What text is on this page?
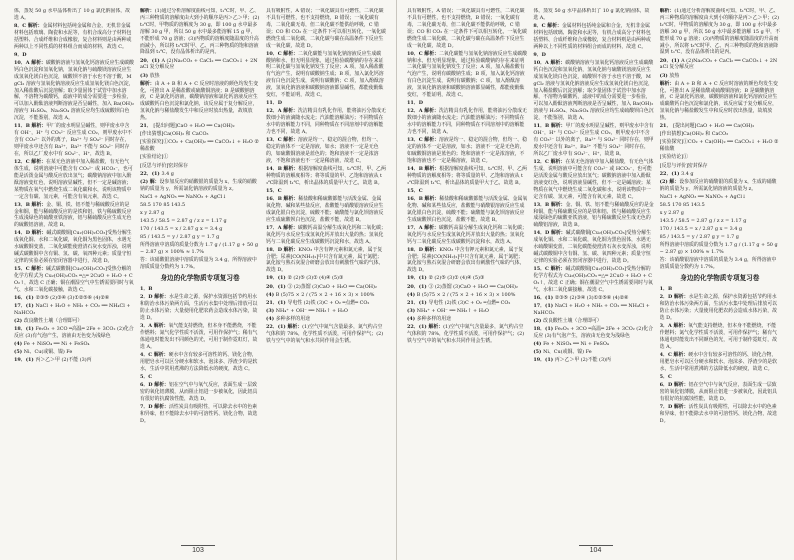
体，蒸发 50 g 水中晶体析出了 10 g 氯化钠固体，故选 A。

8．C 解析：金属材料包括纯金属和合金，无机非金属材料包括玻璃、陶瓷和水泥等，有机合成高分子材料包括塑料、合成纤维和合成橡胶，复合材料则是由两种或两种以上不同性质的材料组合而成的材料，故选 C。

9．D

10．A 解析：碳酸钠溶液与氢氧化钙溶液反应生成碳酸钙白色沉淀和氢氧化钠，氢氧化钠与硫酸镁溶液反应生成氢氧化镁白色沉淀，硫酸钡不溶于水也不溶于酸，MgCl₂ 溶液与氢氧化钠溶液反应生成氢氧化镁白色沉淀，加入稀盐酸后沉淀溶解；取少量固体于试管中加水溶解，不溶物为碳酸钙，滤液中的成分需要进一步检验，可以加入酚酞溶液判断溶液是否呈碱性，加入 Ba(OH)₂ 溶液与 H₂SO₄、Na₂SO₄ 溶液反应均生成硫酸钡白色沉淀，不能鉴别，故选 A。

11．B 解析：甲厂的废水明显呈碱性，则甲废水中含有 OH⁻，H⁺ 与 CO₃²⁻ 反应生成 CO₂，则甲废水中不含有 CO₃²⁻ 以外的离子，Ba²⁺ 与 SO₄²⁻ 同时存在，则甲废水中还含有 Ba²⁺，Ba²⁺ 不能与 SO₄²⁻ 同时存在，所以乙厂废水中有 SO₄²⁻、H⁺，故选 B。

12．C 解析：在某无色溶液中加入稀盐酸，有无色气体生成，说明溶液中可能含有 CO₃²⁻ 或 HCO₃⁻，也可能是活泼金属与酸反应放出氢气；碳酸钠溶液中加入酚酞溶液变红色，说明溶液显碱性，但不一定是碱溶液；某物质在氧气中燃烧生成二氧化碳和水，说明该物质中一定含有碳、氢元素，可能含有氧元素，故选 C。

13．B 解析：金、铜、铁、铝不能与稀硫酸反应的是金和铜，能与稀硫酸反应的是铁和铝，铁与稀硫酸反应生成浅绿色的硫酸亚铁溶液，铝与稀硫酸反应生成无色的硫酸铝溶液，故选 B。

14．D 解析：碱式碳酸铜[Cu₂(OH)₂CO₃]受热分解生成氧化铜、水和二氧化碳，氧化铜为黑色固体，水遇无水硫酸铜变蓝，二氧化碳能使澄清石灰水变浑浊，说明碱式碳酸铜中含有铜、氢、碳、氧四种元素；质量守恒定律的实验必须在密闭容器中进行，故选 D。

15．C 解析：碱式碳酸铜[Cu₂(OH)₂CO₃]受热分解的化学方程式为 Cu₂(OH)₂CO₃ ═△═ 2CuO + H₂O + CO₂↑，故选 C 正确；铜在潮湿空气中生锈需要同时与氧气、水和二氧化碳接触，故选 C。

16．(1) ②③⑤ (2)③④ (3)①②⑤⑥ (4)②⑥

17．(1) NaCl + H₂O + NH₃ + CO₂ ══ NH₄Cl + NaHCO₃

(2) 改良酸性土壤（合理即可）

18．(1) Fe₂O₃ + 3CO ═高温═ 2Fe + 3CO₂ (2)化合反应 (3)有气泡产生，溶液由无色变为浅绿色

(4) Fe + NiSO₄ ══ Ni + FeSO₄

(5) Ni、Cu(或铜、镍) Fe

19．(1) 丙＞乙＞甲 (2)不能 (3)丙

解析：(1)通过分析溶解度曲线可知，t₁℃时，甲、乙、丙三种物质的溶解度由大到小的顺序是丙＞乙＞甲；(2)t₂℃时，甲物质的溶解度为 30 g，即 100 g 水中最多溶解 30 g 甲，所以 50 g 水中最多能溶解 15 g 甲，不能形成 70 g 溶液；(3)丙物质的溶解度随温度的升高而减小，所以将 t₃℃时甲、乙、丙三种物质的饱和溶液降温到 t₁℃，没有晶体析出的是丙。

20．(1) A (2)Na₂CO₃ + CaCl₂ ══ CaCO₃↓ + 2NaCl 复分解反应

(3) 放热

解析：由 A + B 和 A + C 反应时溶液的颜色均发生变化，可推出 A 是稀盐酸或硫酸铜溶液；B 是碳酸钠溶液，C 是氯化钙溶液，碳酸钠溶液和氯化钙溶液反应生成碳酸钙白色沉淀和氯化钠，该反应属于复分解反应，氢氧化钠与稀盐酸发生中和反应时放出热量，故填放热。

21． [提出问题]CaO + H₂O ══ Ca(OH)₂

[作出猜想]Ca(OH)₂ 和 CaCO₃

[实验探究]①CO₂ + Ca(OH)₂ ══ CaCO₃↓ + H₂O ②稀盐酸

[实验结论]①

[反思与评价]密封保存

22．(1) 3.4 g

(2) 解：设参加反应的硝酸银的质量为 x，生成的硝酸钠的质量为 y，所需氯化钠溶液的质量为 z。

NaCl + AgNO₃ ══ NaNO₃ + AgCl↓

58.5 170 85 143.5

x y 2.87 g

143.5 / 58.5 = 2.87 g / z z = 1.17 g

170 / 143.5 = x / 2.87 g x = 3.4 g

85 / 143.5 = y / 2.87 g y = 1.7 g

所得溶液中溶质的质量分数为 1.7 g / (1.17 g + 50 g − 2.87 g) × 100% ≈ 1.7%

答：该硝酸银溶液中溶质的质量为 3.4 g，所得溶液中溶质质量分数约为 1.7%。

身边的化学物质专项复习卷

1．B

2．D 解析：水是生命之源，保护水资源包括节约用水和防治水体污染两方面，生活污水集中处理后排放可以防止水体污染；大量使用化肥农药会造成水体污染，故选 D。

3．A 解析：氧气能支持燃烧，但本身不能燃烧，不能作燃料；氮气化学性质不活泼，可用作保护气；稀有气体通电时能发出不同颜色的光，可用于制作霓虹灯，故选 A。

4．C 解析：硬水中含有较多可溶性的钙、镁化合物，用肥皂水可以区分硬水和软水，泡沫多、浮渣少的是软水，生活中常用煮沸的方法降低水的硬度，故选 C。

5．C

6．D 解析：铝在空气中与氧气反应，表面生成一层致密的氧化铝薄膜，从而阻止铝进一步被氧化，因此铝具有很好的抗腐蚀性能，故选 D。

7．D 解析：活性炭具有吸附性，可以除去水中的色素和异味，但不能除去水中的可溶性钙、镁化合物，故选 D。

具有吸附性，A 错误；一氧化碳具有可燃性，二氧化碳不具有可燃性，也不支持燃烧，B 错误；一氧化碳有毒，二氧化碳无毒，但二氧化碳不能供给呼吸，C 错误；CO 和 CO₂ 在一定条件下可以相互转化，一氧化碳燃烧生成二氧化碳，二氧化碳与碳在高温条件下反应生成一氧化碳，故选 D。

10．C 解析：二氧化碳能与氢氧化钠溶液反应生成碳酸钠和水，但无明显现象，通过检验碳酸钠的存在来证明二氧化碳与氢氧化钠发生了反应；A 项，加入稀盐酸有气泡产生，说明有碳酸钠生成；B 项，加入氯化钙溶液有白色沉淀生成，说明有碳酸钠；C 项，加入酚酞溶液，氢氧化钠溶液和碳酸钠溶液都显碱性，都能使酚酞变红，不能证明，故选 C。

11．D

12．A 解析：洗洁精具有乳化作用，能将油污分散成无数细小的液滴随水流走；汽油能溶解油污；不同物质在水中的溶解能力不同，同种物质在不同溶剂中的溶解能力也不同，故选 A。

13．C 解析：溶液是均一、稳定的混合物，但均一、稳定的液体不一定是溶液，如水；溶液不一定是无色的，如硫酸铜溶液是蓝色的；饱和溶液不一定是浓溶液，不饱和溶液也不一定是稀溶液，故选 C。

14．B 解析：根据溶解度曲线可知，t₂℃时，甲、乙两种物质的溶解度相等；将等质量的甲、乙饱和溶液从 t₃℃降温到 t₁℃，析出晶体的质量甲大于乙，故选 B。

15．C

16．B 解析：稀盐酸和稀硫酸都能与活泼金属、金属氧化物、碱和某些盐反应，盐酸能与硝酸银溶液反应生成氯化银白色沉淀，硫酸不能；硫酸能与氯化钡溶液反应生成硫酸钡白色沉淀，盐酸不能，故选 B。

17．A 解析：碳酸钙高温分解生成氧化钙和二氧化碳；氧化钙与水反应生成氢氧化钙并放出大量的热；氢氧化钙与二氧化碳反应生成碳酸钙沉淀和水，故选 A。

18．D 解析：KNO₃ 中含有钾元素和氮元素，属于复合肥；尿素[CO(NH₂)₂]中只含有氮元素，属于氮肥；氯化铵与熟石灰混合研磨会放出有刺激性气味的气体，故选 D。

19．(1) ② (2)⑤ (3)① (4)④ (5)③

20．(1) ③ (2)蒸馏 (3)CaO + H₂O ══ Ca(OH)₂

(4) B (5)75 × 2 / (75 × 2 + 16 × 3) × 100%

21．(1) 导电性 (2)铁 (3)C + O₂ ═点燃═ CO₂

(3) NH₄⁺ + OH⁻ ══ NH₃↑ + H₂O

(4) 多种多样的用途

22．(1) 解析：(1)空气中氮气含量最多，氮气约占空气体积的 78%，化学性质不活泼，可用作保护气；(2)铁与空气中的氧气和水共同作用会生锈。

103

具有吸附性，A 错误；一氧化碳具有可燃性，二氧化碳不具有可燃性，也不支持燃烧，B 错误；一氧化碳有毒，二氧化碳无毒，但二氧化碳不能供给呼吸，C 错误；CO 和 CO₂ 在一定条件下可以相互转化，一氧化碳燃烧生成二氧化碳，二氧化碳与碳在高温条件下反应生成一氧化碳，故选 D。

10．C 解析：二氧化碳能与氢氧化钠溶液反应生成碳酸钠和水，但无明显现象，通过检验碳酸钠的存在来证明二氧化碳与氢氧化钠发生了反应；A 项，加入稀盐酸有气泡产生，说明有碳酸钠生成；B 项，加入氯化钙溶液有白色沉淀生成，说明有碳酸钠；C 项，加入酚酞溶液，氢氧化钠溶液和碳酸钠溶液都显碱性，都能使酚酞变红，不能证明，故选 C。

11．D

12．A 解析：洗洁精具有乳化作用，能将油污分散成无数细小的液滴随水流走；汽油能溶解油污；不同物质在水中的溶解能力不同，同种物质在不同溶剂中的溶解能力也不同，故选 A。

13．C 解析：溶液是均一、稳定的混合物，但均一、稳定的液体不一定是溶液，如水；溶液不一定是无色的，如硫酸铜溶液是蓝色的；饱和溶液不一定是浓溶液，不饱和溶液也不一定是稀溶液，故选 C。

14．B 解析：根据溶解度曲线可知，t₂℃时，甲、乙两种物质的溶解度相等；将等质量的甲、乙饱和溶液从 t₃℃降温到 t₁℃，析出晶体的质量甲大于乙，故选 B。

15．C

16．B 解析：稀盐酸和稀硫酸都能与活泼金属、金属氧化物、碱和某些盐反应，盐酸能与硝酸银溶液反应生成氯化银白色沉淀，硫酸不能；硫酸能与氯化钡溶液反应生成硫酸钡白色沉淀，盐酸不能，故选 B。

17．A 解析：碳酸钙高温分解生成氧化钙和二氧化碳；氧化钙与水反应生成氢氧化钙并放出大量的热；氢氧化钙与二氧化碳反应生成碳酸钙沉淀和水，故选 A。

18．D 解析：KNO₃ 中含有钾元素和氮元素，属于复合肥；尿素[CO(NH₂)₂]中只含有氮元素，属于氮肥；氯化铵与熟石灰混合研磨会放出有刺激性气味的气体，故选 D。

19．(1) ② (2)⑤ (3)① (4)④ (5)③

20．(1) ③ (2)蒸馏 (3)CaO + H₂O ══ Ca(OH)₂

(4) B (5)75 × 2 / (75 × 2 + 16 × 3) × 100%

21．(1) 导电性 (2)铁 (3)C + O₂ ═点燃═ CO₂

(3) NH₄⁺ + OH⁻ ══ NH₃↑ + H₂O

(4) 多种多样的用途

22．(1) 解析：(1)空气中氮气含量最多，氮气约占空气体积的 78%，化学性质不活泼，可用作保护气；(2)铁与空气中的氧气和水共同作用会生锈。

体，蒸发 50 g 水中晶体析出了 10 g 氯化钠固体，故选 A。

8．C 解析：金属材料包括纯金属和合金，无机非金属材料包括玻璃、陶瓷和水泥等，有机合成高分子材料包括塑料、合成纤维和合成橡胶，复合材料则是由两种或两种以上不同性质的材料组合而成的材料，故选 C。

9．D

10．A 解析：碳酸钠溶液与氢氧化钙溶液反应生成碳酸钙白色沉淀和氢氧化钠，氢氧化钠与硫酸镁溶液反应生成氢氧化镁白色沉淀，硫酸钡不溶于水也不溶于酸，MgCl₂ 溶液与氢氧化钠溶液反应生成氢氧化镁白色沉淀，加入稀盐酸后沉淀溶解；取少量固体于试管中加水溶解，不溶物为碳酸钙，滤液中的成分需要进一步检验，可以加入酚酞溶液判断溶液是否呈碱性，加入 Ba(OH)₂ 溶液与 H₂SO₄、Na₂SO₄ 溶液反应均生成硫酸钡白色沉淀，不能鉴别，故选 A。

11．B 解析：甲厂的废水明显呈碱性，则甲废水中含有 OH⁻，H⁺ 与 CO₃²⁻ 反应生成 CO₂，则甲废水中不含有 CO₃²⁻ 以外的离子，Ba²⁺ 与 SO₄²⁻ 同时存在，则甲废水中还含有 Ba²⁺，Ba²⁺ 不能与 SO₄²⁻ 同时存在，所以乙厂废水中有 SO₄²⁻、H⁺，故选 B。

12．C 解析：在某无色溶液中加入稀盐酸，有无色气体生成，说明溶液中可能含有 CO₃²⁻ 或 HCO₃⁻，也可能是活泼金属与酸反应放出氢气；碳酸钠溶液中加入酚酞溶液变红色，说明溶液显碱性，但不一定是碱溶液；某物质在氧气中燃烧生成二氧化碳和水，说明该物质中一定含有碳、氢元素，可能含有氧元素，故选 C。

13．B 解析：金、铜、铁、铝不能与稀硫酸反应的是金和铜，能与稀硫酸反应的是铁和铝，铁与稀硫酸反应生成浅绿色的硫酸亚铁溶液，铝与稀硫酸反应生成无色的硫酸铝溶液，故选 B。

14．D 解析：碱式碳酸铜[Cu₂(OH)₂CO₃]受热分解生成氧化铜、水和二氧化碳，氧化铜为黑色固体，水遇无水硫酸铜变蓝，二氧化碳能使澄清石灰水变浑浊，说明碱式碳酸铜中含有铜、氢、碳、氧四种元素；质量守恒定律的实验必须在密闭容器中进行，故选 D。

15．C 解析：碱式碳酸铜[Cu₂(OH)₂CO₃]受热分解的化学方程式为 Cu₂(OH)₂CO₃ ═△═ 2CuO + H₂O + CO₂↑，故选 C 正确；铜在潮湿空气中生锈需要同时与氧气、水和二氧化碳接触，故选 C。

16．(1) ②③⑤ (2)③④ (3)①②⑤⑥ (4)②⑥

17．(1) NaCl + H₂O + NH₃ + CO₂ ══ NH₄Cl + NaHCO₃

(2) 改良酸性土壤（合理即可）

18．(1) Fe₂O₃ + 3CO ═高温═ 2Fe + 3CO₂ (2)化合反应 (3)有气泡产生，溶液由无色变为浅绿色

(4) Fe + NiSO₄ ══ Ni + FeSO₄

(5) Ni、Cu(或铜、镍) Fe

19．(1) 丙＞乙＞甲 (2)不能 (3)丙

解析：(1)通过分析溶解度曲线可知，t₁℃时，甲、乙、丙三种物质的溶解度由大到小的顺序是丙＞乙＞甲；(2)t₂℃时，甲物质的溶解度为 30 g，即 100 g 水中最多溶解 30 g 甲，所以 50 g 水中最多能溶解 15 g 甲，不能形成 70 g 溶液；(3)丙物质的溶解度随温度的升高而减小，所以将 t₃℃时甲、乙、丙三种物质的饱和溶液降温到 t₁℃，没有晶体析出的是丙。

20．(1) A (2)Na₂CO₃ + CaCl₂ ══ CaCO₃↓ + 2NaCl 复分解反应

(3) 放热

解析：由 A + B 和 A + C 反应时溶液的颜色均发生变化，可推出 A 是稀盐酸或硫酸铜溶液；B 是碳酸钠溶液，C 是氯化钙溶液，碳酸钠溶液和氯化钙溶液反应生成碳酸钙白色沉淀和氯化钠，该反应属于复分解反应，氢氧化钠与稀盐酸发生中和反应时放出热量，故填放热。

21． [提出问题]CaO + H₂O ══ Ca(OH)₂

[作出猜想]Ca(OH)₂ 和 CaCO₃

[实验探究]①CO₂ + Ca(OH)₂ ══ CaCO₃↓ + H₂O ②稀盐酸

[实验结论]①

[反思与评价]密封保存

22．(1) 3.4 g

(2) 解：设参加反应的硝酸银的质量为 x，生成的硝酸钠的质量为 y，所需氯化钠溶液的质量为 z。

NaCl + AgNO₃ ══ NaNO₃ + AgCl↓

58.5 170 85 143.5

x y 2.87 g

143.5 / 58.5 = 2.87 g / z z = 1.17 g

170 / 143.5 = x / 2.87 g x = 3.4 g

85 / 143.5 = y / 2.87 g y = 1.7 g

所得溶液中溶质的质量分数为 1.7 g / (1.17 g + 50 g − 2.87 g) × 100% ≈ 1.7%

答：该硝酸银溶液中溶质的质量为 3.4 g，所得溶液中溶质质量分数约为 1.7%。

身边的化学物质专项复习卷

1．B

2．D 解析：水是生命之源，保护水资源包括节约用水和防治水体污染两方面，生活污水集中处理后排放可以防止水体污染；大量使用化肥农药会造成水体污染，故选 D。

3．A 解析：氧气能支持燃烧，但本身不能燃烧，不能作燃料；氮气化学性质不活泼，可用作保护气；稀有气体通电时能发出不同颜色的光，可用于制作霓虹灯，故选 A。

4．C 解析：硬水中含有较多可溶性的钙、镁化合物，用肥皂水可以区分硬水和软水，泡沫多、浮渣少的是软水，生活中常用煮沸的方法降低水的硬度，故选 C。

5．C

6．D 解析：铝在空气中与氧气反应，表面生成一层致密的氧化铝薄膜，从而阻止铝进一步被氧化，因此铝具有很好的抗腐蚀性能，故选 D。

7．D 解析：活性炭具有吸附性，可以除去水中的色素和异味，但不能除去水中的可溶性钙、镁化合物，故选 D。

104
